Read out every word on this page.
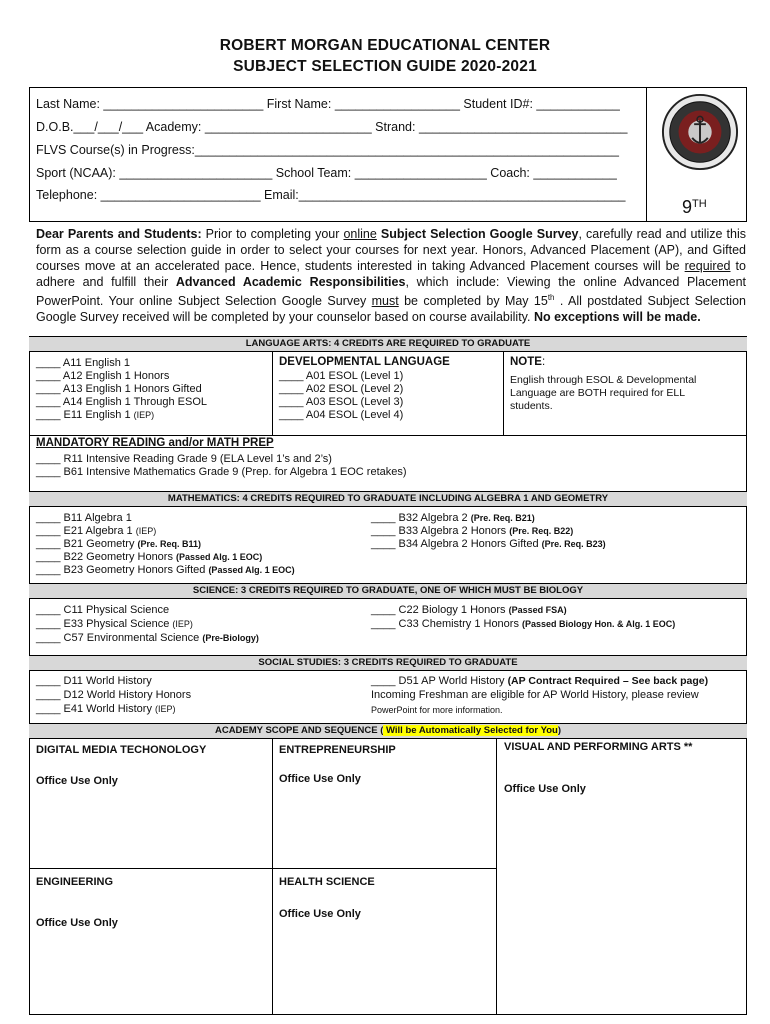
ROBERT MORGAN EDUCATIONAL CENTER
SUBJECT SELECTION GUIDE 2020-2021
Last Name: _______________________ First Name: __________________ Student ID#: ____________
D.O.B.___/___/___ Academy: ________________________ Strand: ______________________________
FLVS Course(s) in Progress:_____________________________________________________________
Sport (NCAA): ______________________ School Team: ___________________ Coach: ____________
Telephone: _______________________ Email:_______________________________________________
9TH
Dear Parents and Students: Prior to completing your online Subject Selection Google Survey, carefully read and utilize this form as a course selection guide in order to select your courses for next year. Honors, Advanced Placement (AP), and Gifted courses move at an accelerated pace. Hence, students interested in taking Advanced Placement courses will be required to adhere and fulfill their Advanced Academic Responsibilities, which include: Viewing the online Advanced Placement PowerPoint. Your online Subject Selection Google Survey must be completed by May 15th . All postdated Subject Selection Google Survey received will be completed by your counselor based on course availability. No exceptions will be made.
LANGUAGE ARTS: 4 CREDITS ARE REQUIRED TO GRADUATE
____ A11 English 1
____ A12 English 1 Honors
____ A13 English 1 Honors Gifted
____ A14 English 1 Through ESOL
____ E11 English 1 (IEP)
DEVELOPMENTAL LANGUAGE
____ A01 ESOL (Level 1)
____ A02 ESOL (Level 2)
____ A03 ESOL (Level 3)
____ A04 ESOL (Level 4)
NOTE:
English through ESOL & Developmental
Language are BOTH required for ELL
students.
MANDATORY READING and/or MATH PREP
____ R11 Intensive Reading Grade 9 (ELA Level 1’s and 2’s)
____ B61 Intensive Mathematics Grade 9 (Prep. for Algebra 1 EOC retakes)
MATHEMATICS: 4 CREDITS REQUIRED TO GRADUATE INCLUDING ALGEBRA 1 AND GEOMETRY
____ B11 Algebra 1
____ E21 Algebra 1 (IEP)
____ B21 Geometry (Pre. Req. B11)
____ B22 Geometry Honors (Passed Alg. 1 EOC)
____ B23 Geometry Honors Gifted (Passed Alg. 1 EOC)
____ B32 Algebra 2 (Pre. Req. B21)
____ B33 Algebra 2 Honors (Pre. Req. B22)
____ B34 Algebra 2 Honors Gifted (Pre. Req. B23)
SCIENCE: 3 CREDITS REQUIRED TO GRADUATE, ONE OF WHICH MUST BE BIOLOGY
____ C11 Physical Science
____ E33 Physical Science (IEP)
____ C57 Environmental Science (Pre-Biology)
____ C22 Biology 1 Honors (Passed FSA)
____ C33 Chemistry 1 Honors (Passed Biology Hon. & Alg. 1 EOC)
SOCIAL STUDIES: 3 CREDITS REQUIRED TO GRADUATE
____ D11 World History
____ D12 World History Honors
____ E41 World History (IEP)
____ D51 AP World History (AP Contract Required – See back page)
Incoming Freshman are eligible for AP World History, please review
PowerPoint for more information.
ACADEMY SCOPE AND SEQUENCE ( Will be Automatically Selected for You)
DIGITAL MEDIA TECHONOLOGY
Office Use Only
ENTREPRENEURSHIP
Office Use Only
VISUAL AND PERFORMING ARTS **
Office Use Only
ENGINEERING
Office Use Only
HEALTH SCIENCE
Office Use Only
